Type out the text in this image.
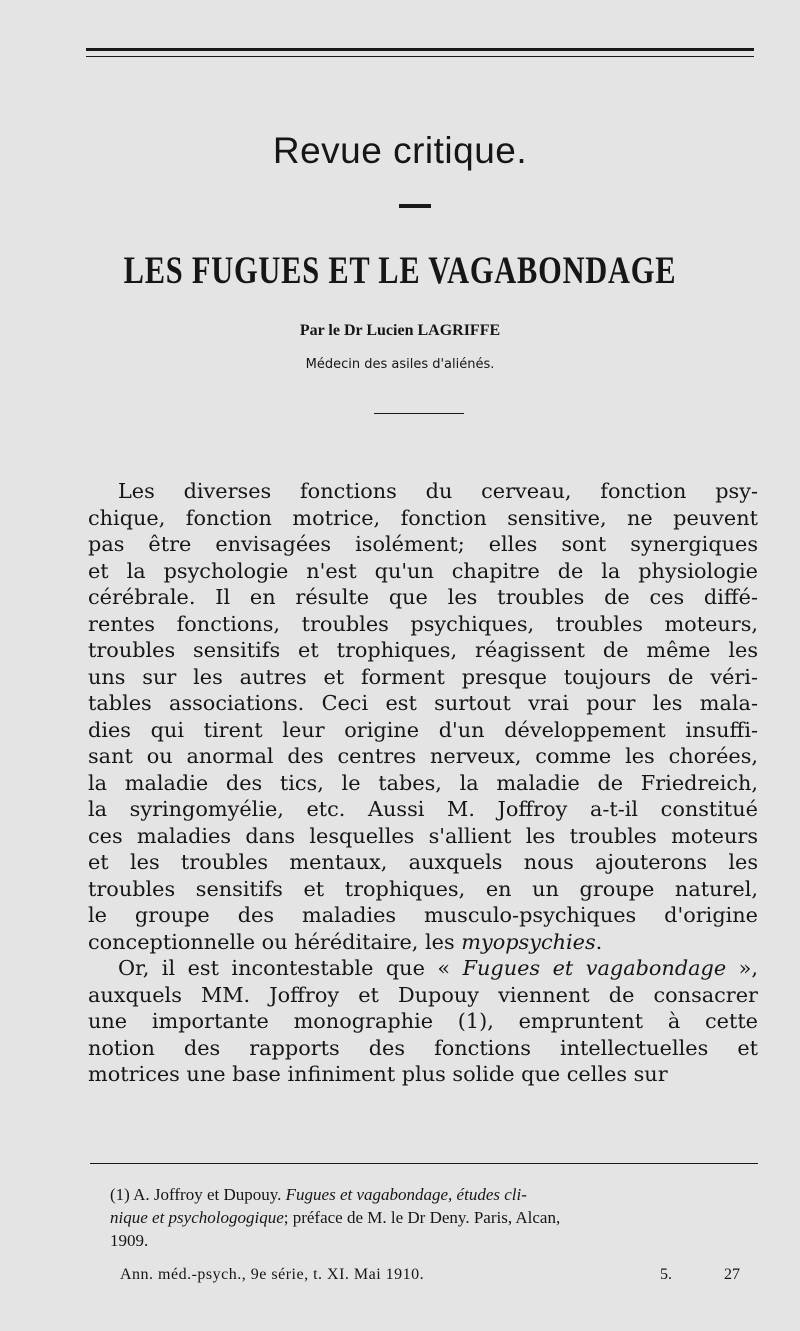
Revue critique.
LES FUGUES ET LE VAGABONDAGE
Par le Dr Lucien LAGRIFFE
Médecin des asiles d'aliénés.
Les diverses fonctions du cerveau, fonction psy-
chique, fonction motrice, fonction sensitive, ne peuvent
pas être envisagées isolément; elles sont synergiques
et la psychologie n'est qu'un chapitre de la physiologie
cérébrale. Il en résulte que les troubles de ces diffé-
rentes fonctions, troubles psychiques, troubles moteurs,
troubles sensitifs et trophiques, réagissent de même les
uns sur les autres et forment presque toujours de véri-
tables associations. Ceci est surtout vrai pour les mala-
dies qui tirent leur origine d'un développement insuffi-
sant ou anormal des centres nerveux, comme les chorées,
la maladie des tics, le tabes, la maladie de Friedreich,
la syringomyélie, etc. Aussi M. Joffroy a-t-il constitué
ces maladies dans lesquelles s'allient les troubles moteurs
et les troubles mentaux, auxquels nous ajouterons les
troubles sensitifs et trophiques, en un groupe naturel,
le groupe des maladies musculo-psychiques d'origine
conceptionnelle ou héréditaire, les myopsychies.
Or, il est incontestable que « Fugues et vagabondage »,
auxquels MM. Joffroy et Dupouy viennent de consacrer
une importante monographie (1), empruntent à cette
notion des rapports des fonctions intellectuelles et
motrices une base infiniment plus solide que celles sur
(1) A. Joffroy et Dupouy. Fugues et vagabondage, études cli-
nique et psychologogique; préface de M. le Dr Deny. Paris, Alcan,
1909.
Ann. méd.-psych., 9e série, t. XI. Mai 1910.	5.	27
